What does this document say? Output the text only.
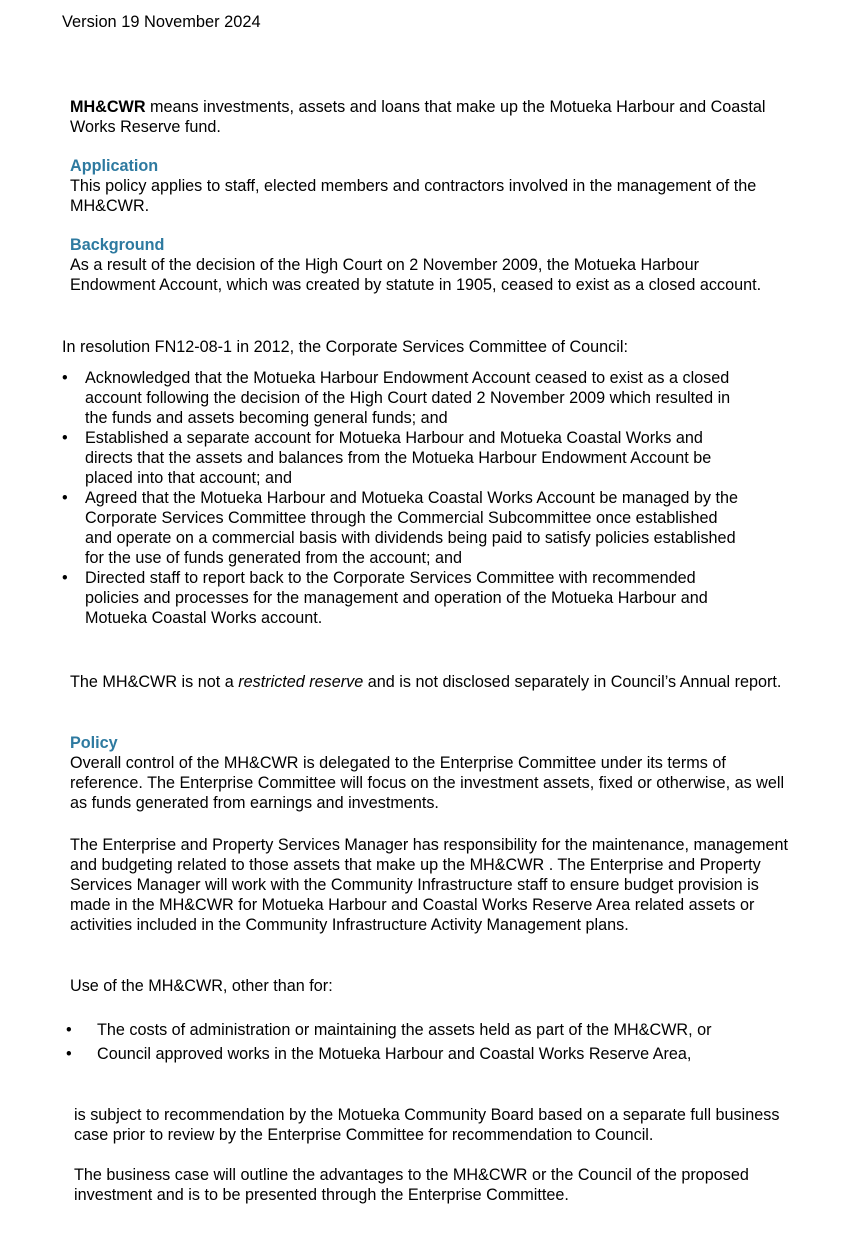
Version 19 November 2024

MH&CWR means investments, assets and loans that make up the Motueka Harbour and Coastal Works Reserve fund.

Application

This policy applies to staff, elected members and contractors involved in the management of the MH&CWR.

Background

As a result of the decision of the High Court on 2 November 2009, the Motueka Harbour Endowment Account, which was created by statute in 1905, ceased to exist as a closed account.

In resolution FN12-08-1 in 2012, the Corporate Services Committee of Council:

• Acknowledged that the Motueka Harbour Endowment Account ceased to exist as a closed account following the decision of the High Court dated 2 November 2009 which resulted in the funds and assets becoming general funds; and
• Established a separate account for Motueka Harbour and Motueka Coastal Works and directs that the assets and balances from the Motueka Harbour Endowment Account be placed into that account; and
• Agreed that the Motueka Harbour and Motueka Coastal Works Account be managed by the Corporate Services Committee through the Commercial Subcommittee once established and operate on a commercial basis with dividends being paid to satisfy policies established for the use of funds generated from the account; and
• Directed staff to report back to the Corporate Services Committee with recommended policies and processes for the management and operation of the Motueka Harbour and Motueka Coastal Works account.

The MH&CWR is not a restricted reserve and is not disclosed separately in Council’s Annual report.

Policy

Overall control of the MH&CWR is delegated to the Enterprise Committee under its terms of reference. The Enterprise Committee will focus on the investment assets, fixed or otherwise, as well as funds generated from earnings and investments.

The Enterprise and Property Services Manager has responsibility for the maintenance, management and budgeting related to those assets that make up the MH&CWR . The Enterprise and Property Services Manager will work with the Community Infrastructure staff to ensure budget provision is made in the MH&CWR for Motueka Harbour and Coastal Works Reserve Area related assets or activities included in the Community Infrastructure Activity Management plans.

Use of the MH&CWR, other than for:

• The costs of administration or maintaining the assets held as part of the MH&CWR, or
• Council approved works in the Motueka Harbour and Coastal Works Reserve Area,

is subject to recommendation by the Motueka Community Board based on a separate full business case prior to review by the Enterprise Committee for recommendation to Council.

The business case will outline the advantages to the MH&CWR or the Council of the proposed investment and is to be presented through the Enterprise Committee.
